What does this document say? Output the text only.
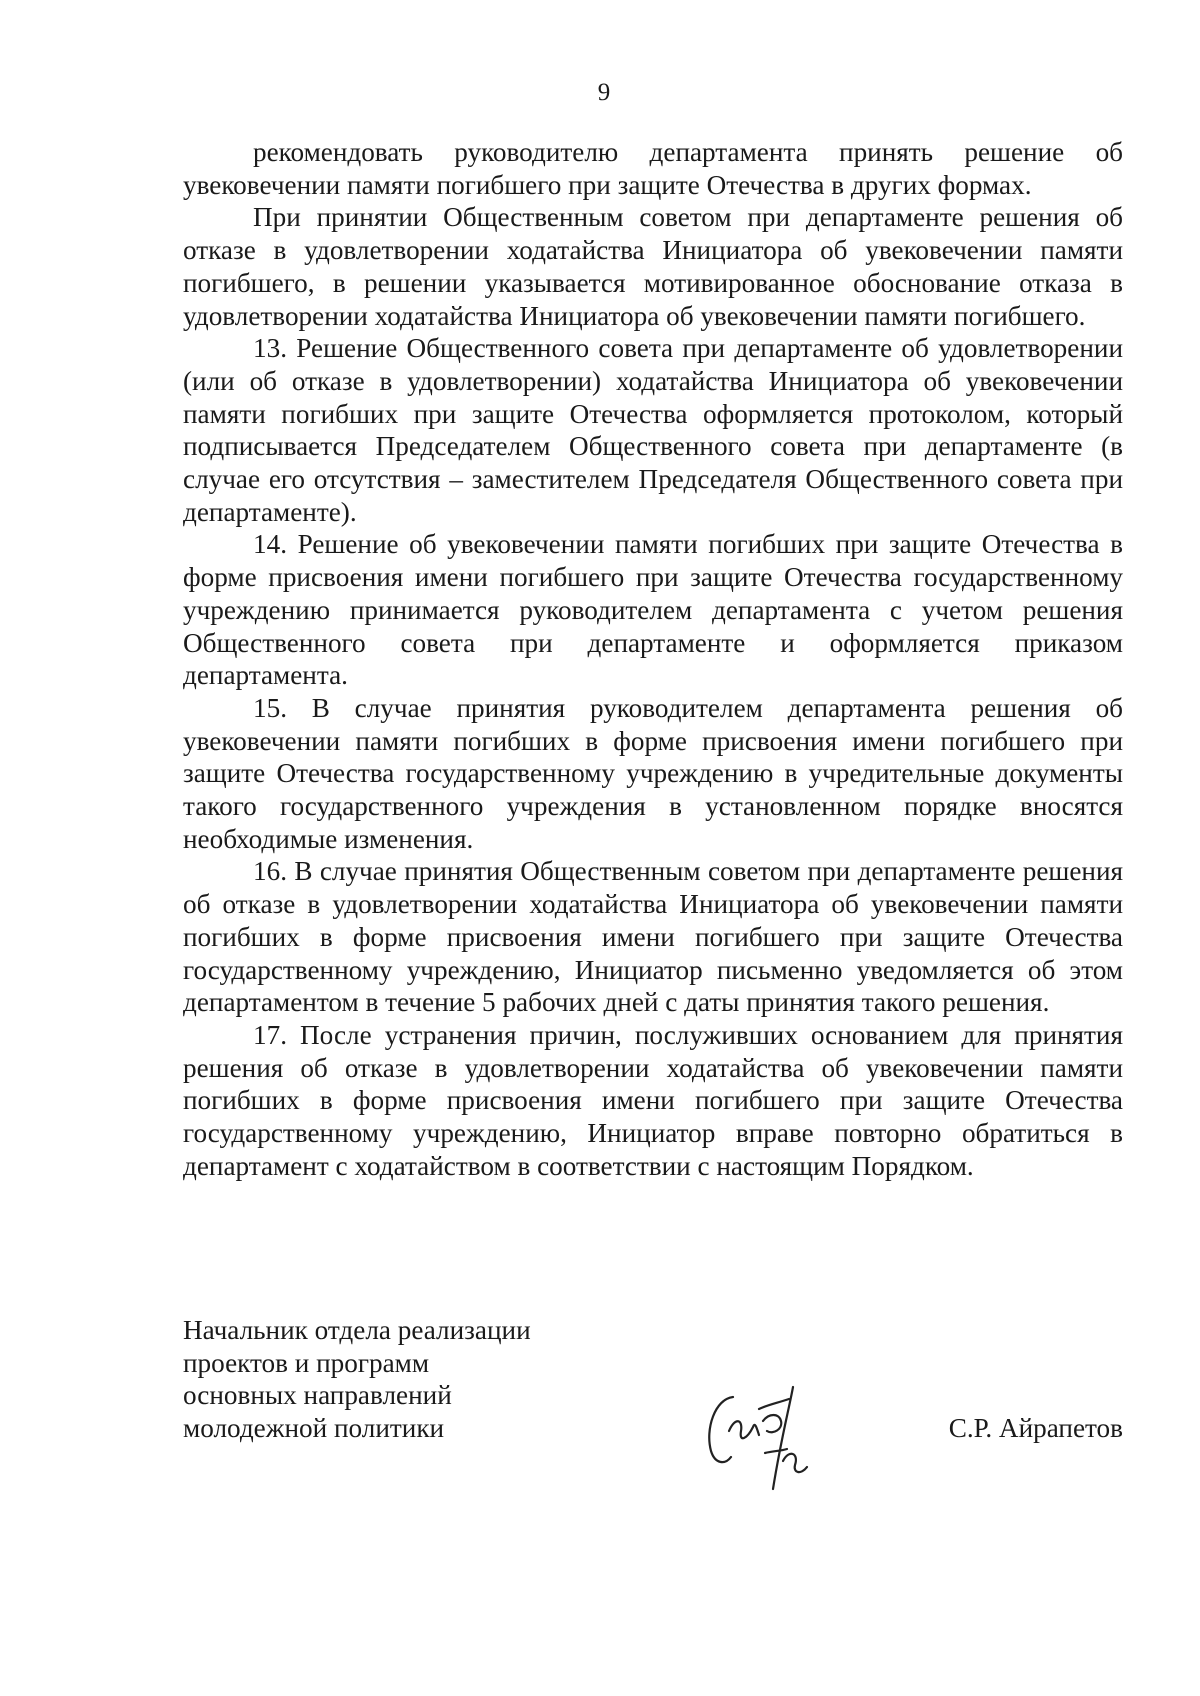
9

рекомендовать руководителю департамента принять решение об увековечении памяти погибшего при защите Отечества в других формах.

При принятии Общественным советом при департаменте решения об отказе в удовлетворении ходатайства Инициатора об увековечении памяти погибшего, в решении указывается мотивированное обоснование отказа в удовлетворении ходатайства Инициатора об увековечении памяти погибшего.

13. Решение Общественного совета при департаменте об удовлетворении (или об отказе в удовлетворении) ходатайства Инициатора об увековечении памяти погибших при защите Отечества оформляется протоколом, который подписывается Председателем Общественного совета при департаменте (в случае его отсутствия – заместителем Председателя Общественного совета при департаменте).

14. Решение об увековечении памяти погибших при защите Отечества в форме присвоения имени погибшего при защите Отечества государственному учреждению принимается руководителем департамента с учетом решения Общественного совета при департаменте и оформляется приказом департамента.

15. В случае принятия руководителем департамента решения об увековечении памяти погибших в форме присвоения имени погибшего при защите Отечества государственному учреждению в учредительные документы такого государственного учреждения в установленном порядке вносятся необходимые изменения.

16. В случае принятия Общественным советом при департаменте решения об отказе в удовлетворении ходатайства Инициатора об увековечении памяти погибших в форме присвоения имени погибшего при защите Отечества государственному учреждению, Инициатор письменно уведомляется об этом департаментом в течение 5 рабочих дней с даты принятия такого решения.

17. После устранения причин, послуживших основанием для принятия решения об отказе в удовлетворении ходатайства об увековечении памяти погибших в форме присвоения имени погибшего при защите Отечества государственному учреждению, Инициатор вправе повторно обратиться в департамент с ходатайством в соответствии с настоящим Порядком.

Начальник отдела реализации
проектов и программ
основных направлений
молодежной политики	С.Р. Айрапетов
